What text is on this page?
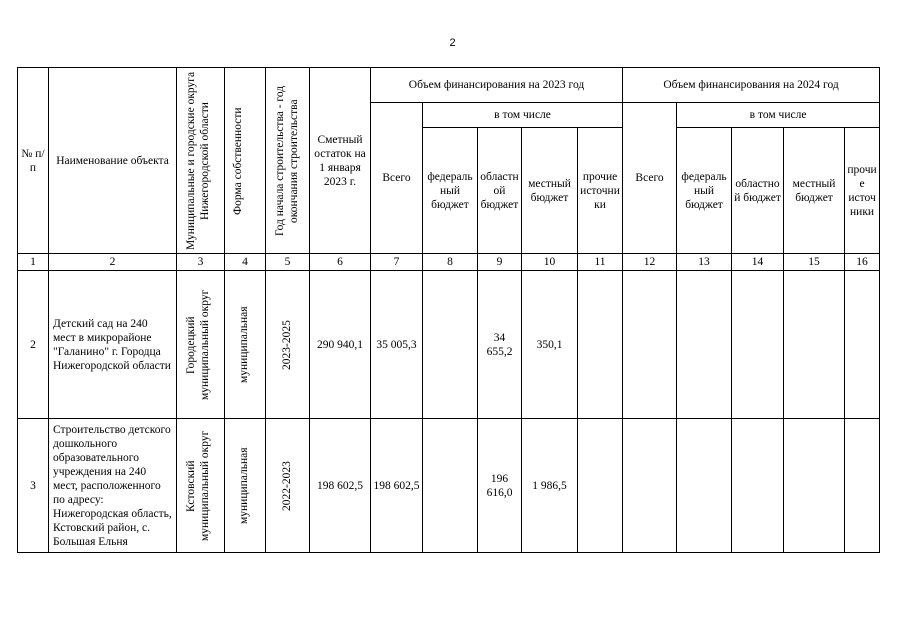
2
№ п/п	Наименование объекта	Муниципальные и городские округа Нижегородской области	Форма собственности	Год начала строительства - год окончания строительства	Сметный остаток на 1 января 2023 г.	Объем финансирования на 2023 год					Объем финансирования на 2024 год				
						Всего	в том числе				Всего	в том числе			
							федеральный бюджет	областной бюджет	местный бюджет	прочие источники		федеральный бюджет	областной бюджет	местный бюджет	прочие источники
1	2	3	4	5	6	7	8	9	10	11	12	13	14	15	16
2	Детский сад на 240 мест в микрорайоне "Галанино" г. Городца Нижегородской области	Городецкий муниципальный округ	муниципальная	2023-2025	290 940,1	35 005,3		34 655,2	350,1						
3	Строительство детского дошкольного образовательного учреждения на 240 мест, расположенного по адресу: Нижегородская область, Кстовский район, с. Большая Ельня	Кстовский муниципальный округ	муниципальная	2022-2023	198 602,5	198 602,5		196 616,0	1 986,5						
